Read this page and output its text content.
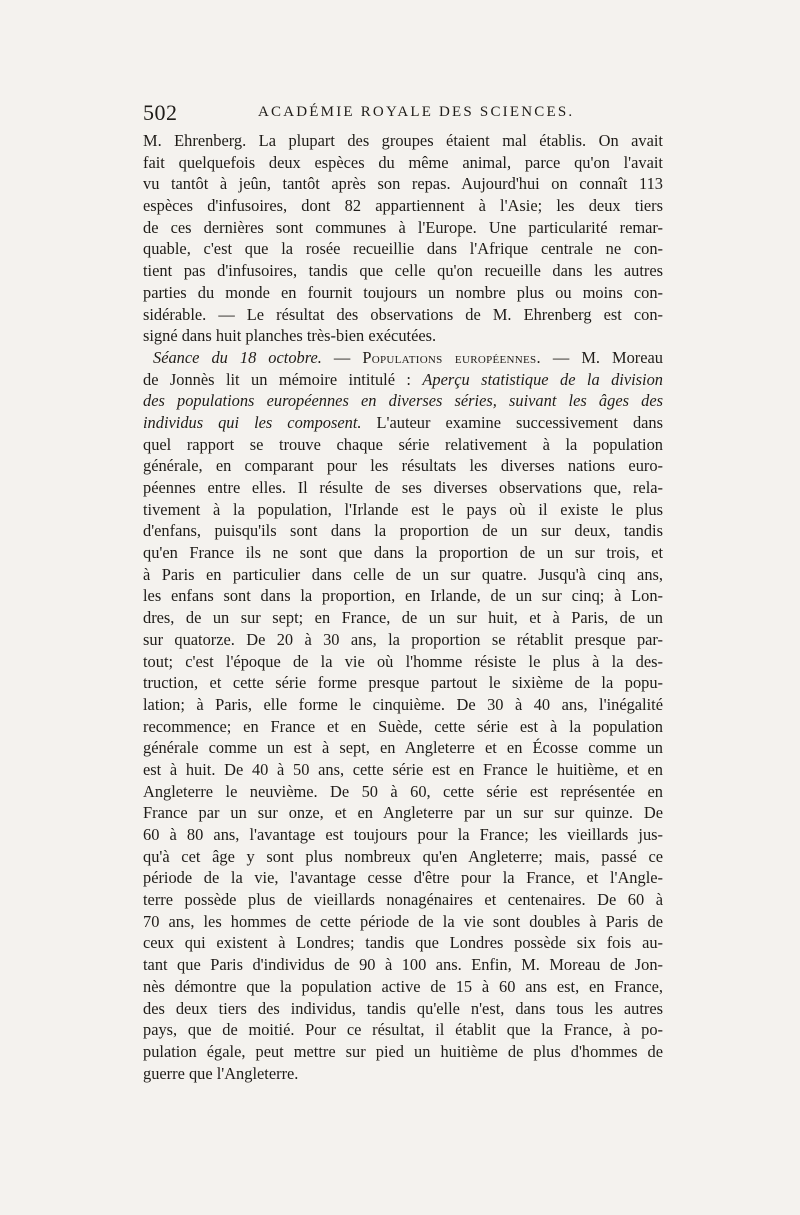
502	ACADÉMIE ROYALE DES SCIENCES.
M. Ehrenberg. La plupart des groupes étaient mal établis. On avait
fait quelquefois deux espèces du même animal, parce qu'on l'avait
vu tantôt à jeûn, tantôt après son repas. Aujourd'hui on connaît 113
espèces d'infusoires, dont 82 appartiennent à l'Asie; les deux tiers
de ces dernières sont communes à l'Europe. Une particularité remar-
quable, c'est que la rosée recueillie dans l'Afrique centrale ne con-
tient pas d'infusoires, tandis que celle qu'on recueille dans les autres
parties du monde en fournit toujours un nombre plus ou moins con-
sidérable. — Le résultat des observations de M. Ehrenberg est con-
signé dans huit planches très-bien exécutées.
Séance du 18 octobre. — Populations européennes. — M. Moreau
de Jonnès lit un mémoire intitulé : Aperçu statistique de la division
des populations européennes en diverses séries, suivant les âges des
individus qui les composent. L'auteur examine successivement dans
quel rapport se trouve chaque série relativement à la population
générale, en comparant pour les résultats les diverses nations euro-
péennes entre elles. Il résulte de ses diverses observations que, rela-
tivement à la population, l'Irlande est le pays où il existe le plus
d'enfans, puisqu'ils sont dans la proportion de un sur deux, tandis
qu'en France ils ne sont que dans la proportion de un sur trois, et
à Paris en particulier dans celle de un sur quatre. Jusqu'à cinq ans,
les enfans sont dans la proportion, en Irlande, de un sur cinq; à Lon-
dres, de un sur sept; en France, de un sur huit, et à Paris, de un
sur quatorze. De 20 à 30 ans, la proportion se rétablit presque par-
tout; c'est l'époque de la vie où l'homme résiste le plus à la des-
truction, et cette série forme presque partout le sixième de la popu-
lation; à Paris, elle forme le cinquième. De 30 à 40 ans, l'inégalité
recommence; en France et en Suède, cette série est à la population
générale comme un est à sept, en Angleterre et en Écosse comme un
est à huit. De 40 à 50 ans, cette série est en France le huitième, et en
Angleterre le neuvième. De 50 à 60, cette série est représentée en
France par un sur onze, et en Angleterre par un sur sur quinze. De
60 à 80 ans, l'avantage est toujours pour la France; les vieillards jus-
qu'à cet âge y sont plus nombreux qu'en Angleterre; mais, passé ce
période de la vie, l'avantage cesse d'être pour la France, et l'Angle-
terre possède plus de vieillards nonagénaires et centenaires. De 60 à
70 ans, les hommes de cette période de la vie sont doubles à Paris de
ceux qui existent à Londres; tandis que Londres possède six fois au-
tant que Paris d'individus de 90 à 100 ans. Enfin, M. Moreau de Jon-
nès démontre que la population active de 15 à 60 ans est, en France,
des deux tiers des individus, tandis qu'elle n'est, dans tous les autres
pays, que de moitié. Pour ce résultat, il établit que la France, à po-
pulation égale, peut mettre sur pied un huitième de plus d'hommes de
guerre que l'Angleterre.
